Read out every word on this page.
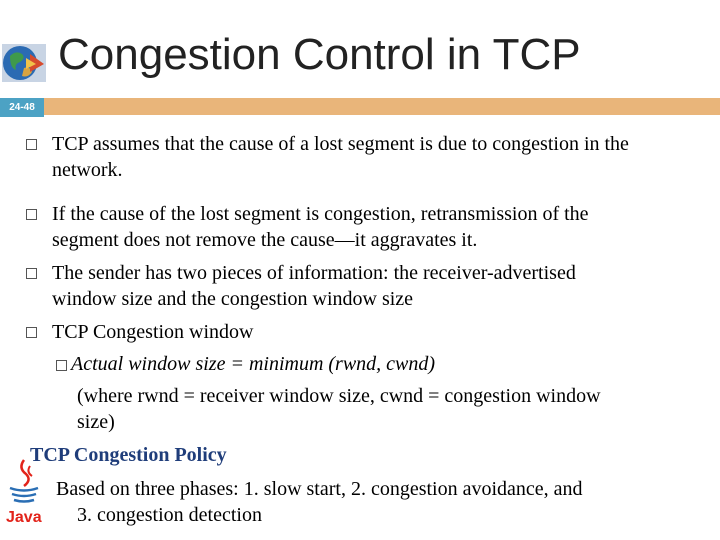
Congestion Control in TCP
24-48
TCP assumes that the cause of a lost segment is due to congestion in the
network.
If the cause of the lost segment is congestion, retransmission of the
segment does not remove the cause—it aggravates it.
The sender has two pieces of information: the receiver-advertised
window size and the congestion window size
TCP Congestion window
Actual window size = minimum (rwnd, cwnd)
(where rwnd = receiver window size, cwnd = congestion window
size)
Java
TCP Congestion Policy
Based on three phases: 1. slow start, 2. congestion avoidance, and
3. congestion detection
